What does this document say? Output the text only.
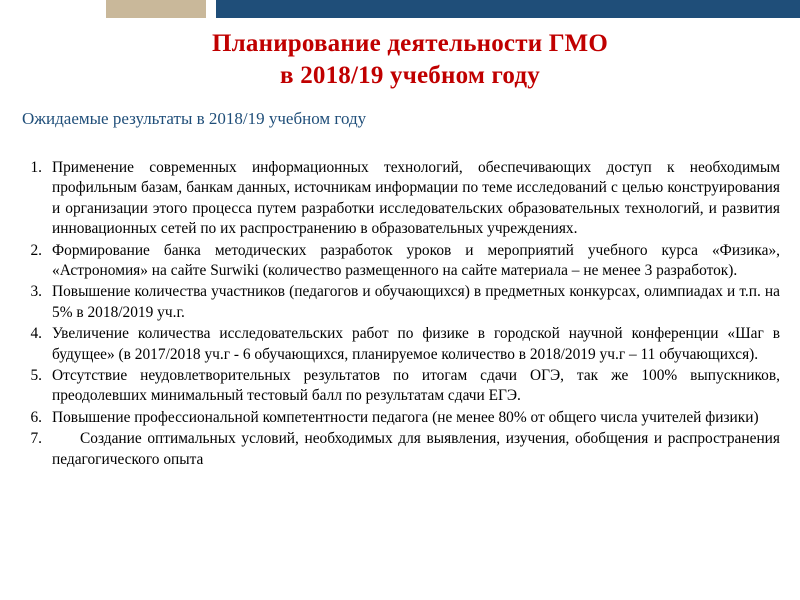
Планирование деятельности ГМО
в 2018/19 учебном году
Ожидаемые результаты в 2018/19 учебном году
1. Применение современных информационных технологий, обеспечивающих доступ к необходимым профильным базам, банкам данных, источникам информации по теме исследований с целью конструирования и организации этого процесса путем разработки исследовательских образовательных технологий, и развития инновационных сетей по их распространению в образовательных учреждениях.
2. Формирование банка методических разработок уроков и мероприятий учебного курса «Физика», «Астрономия» на сайте Surwiki (количество размещенного на сайте материала – не менее 3 разработок).
3. Повышение количества участников (педагогов и обучающихся) в предметных конкурсах, олимпиадах и т.п. на 5% в 2018/2019 уч.г.
4. Увеличение количества исследовательских работ по физике в городской научной конференции «Шаг в будущее» (в 2017/2018 уч.г - 6 обучающихся, планируемое количество в 2018/2019 уч.г – 11 обучающихся).
5. Отсутствие неудовлетворительных результатов по итогам сдачи ОГЭ, так же 100% выпускников, преодолевших минимальный тестовый балл по результатам сдачи ЕГЭ.
6. Повышение профессиональной компетентности педагога (не менее 80% от общего числа учителей физики)
7.	Создание оптимальных условий, необходимых для выявления, изучения, обобщения и распространения педагогического опыта
